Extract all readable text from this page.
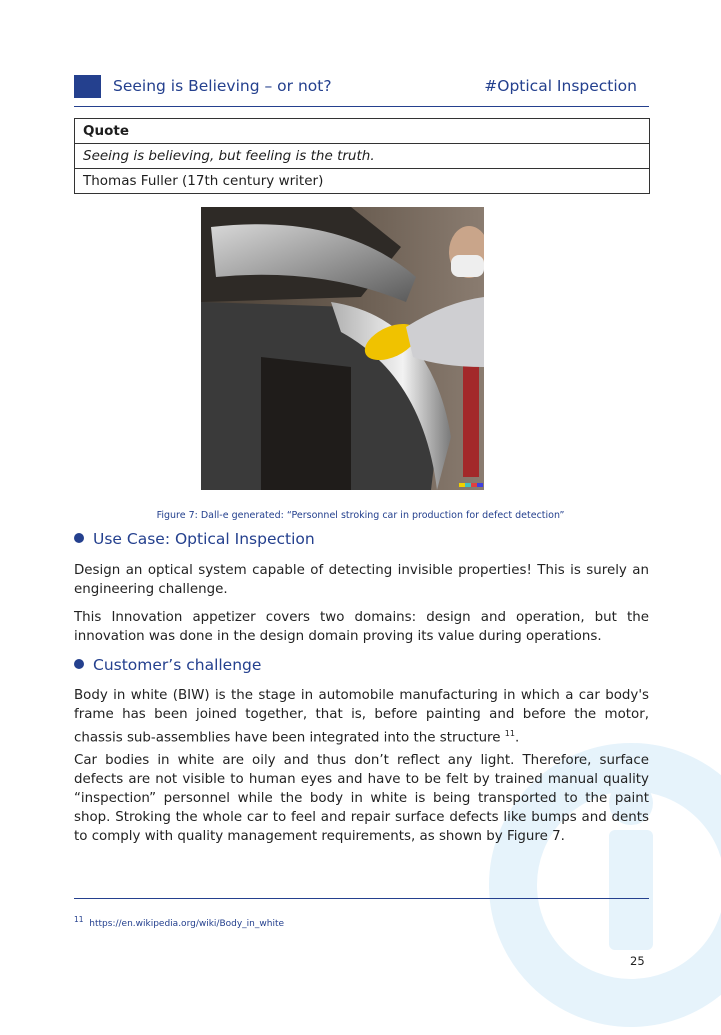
Seeing is Believing – or not?	#Optical Inspection
Quote
Seeing is believing, but feeling is the truth.
Thomas Fuller (17th century writer)
Figure 7: Dall-e generated: “Personnel stroking car in production for defect detection”
Use Case: Optical Inspection
Design an optical system capable of detecting invisible properties! This is surely an engineering challenge.
This Innovation appetizer covers two domains: design and operation, but the innovation was done in the design domain proving its value during operations.
Customer’s challenge
Body in white (BIW) is the stage in automobile manufacturing in which a car body's frame has been joined together, that is, before painting and before the motor, chassis sub-assemblies have been integrated into the structure $^{11}$.
Car bodies in white are oily and thus don’t reflect any light. Therefore, surface defects are not visible to human eyes and have to be felt by trained manual quality “inspection” personnel while the body in white is being transported to the paint shop. Stroking the whole car to feel and repair surface defects like bumps and dents to comply with quality management requirements, as shown by Figure 7.
$^{11}$ https://en.wikipedia.org/wiki/Body_in_white
25
